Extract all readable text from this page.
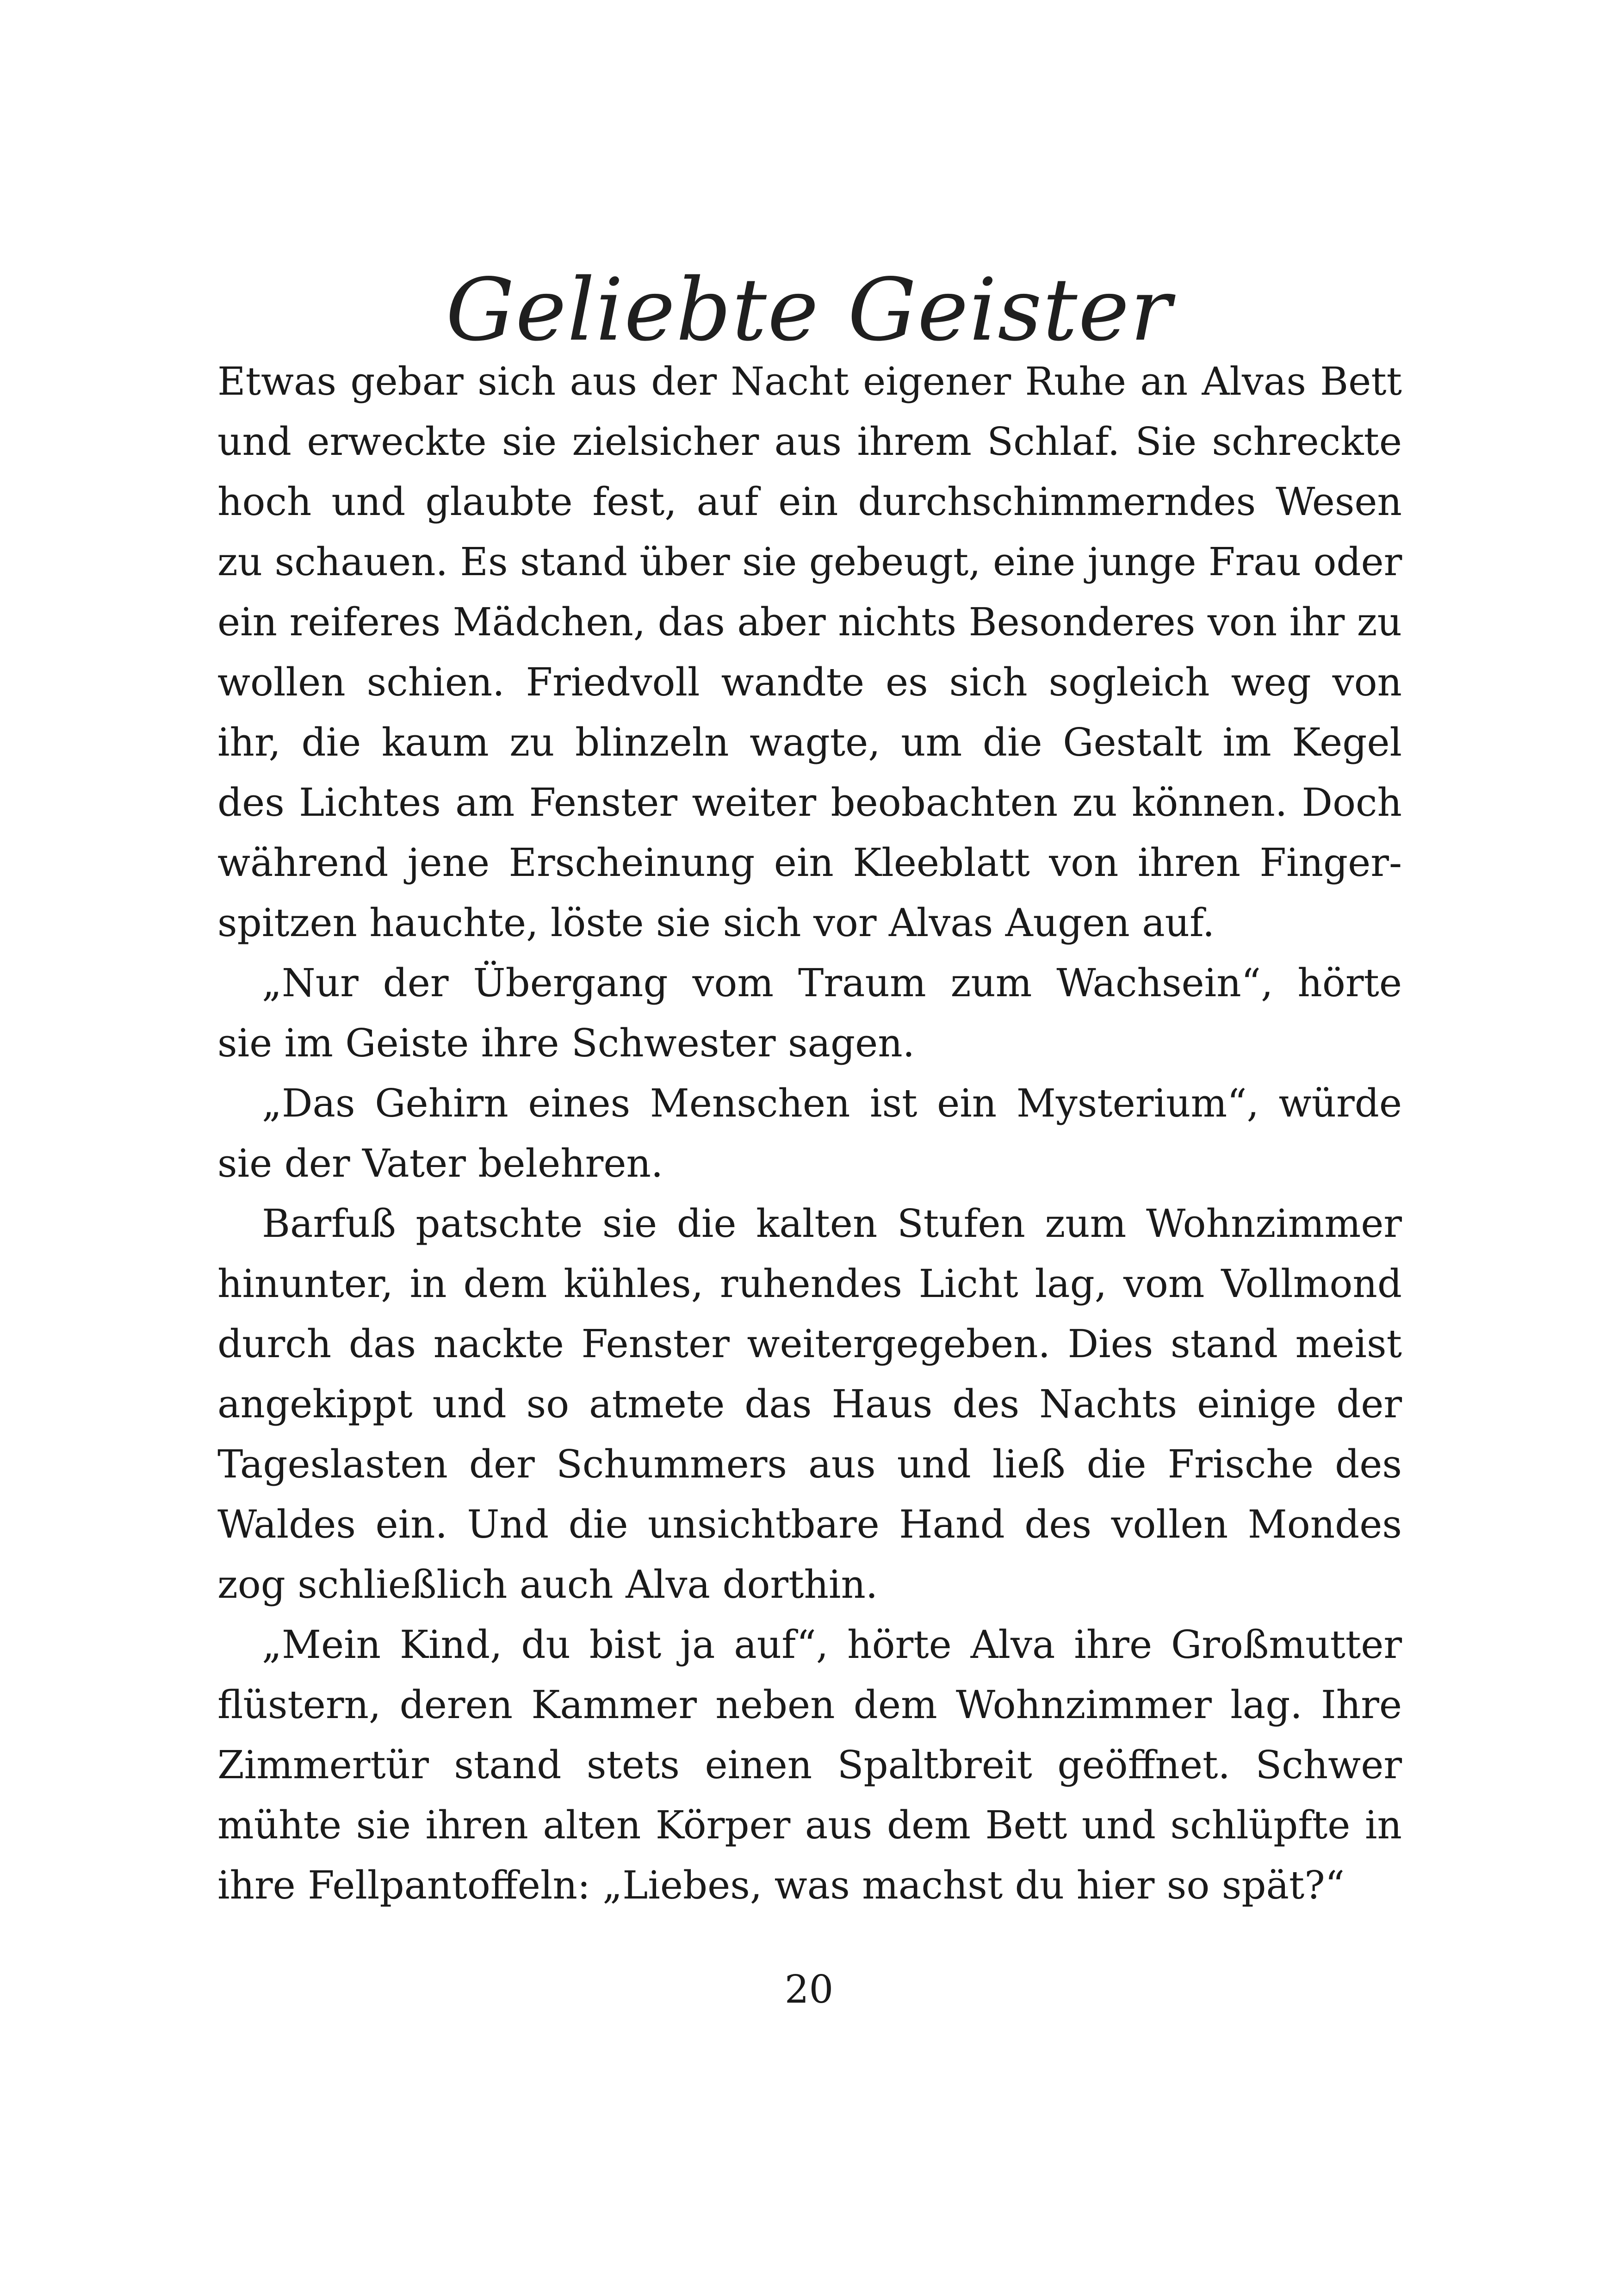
Geliebte Geister
Etwas gebar sich aus der Nacht eigener Ruhe an Alvas Bett
und erweckte sie zielsicher aus ihrem Schlaf. Sie schreckte
hoch und glaubte fest, auf ein durchschimmerndes Wesen
zu schauen. Es stand über sie gebeugt, eine junge Frau oder
ein reiferes Mädchen, das aber nichts Besonderes von ihr zu
wollen schien. Friedvoll wandte es sich sogleich weg von
ihr, die kaum zu blinzeln wagte, um die Gestalt im Kegel
des Lichtes am Fenster weiter beobachten zu können. Doch
während jene Erscheinung ein Kleeblatt von ihren Finger-
spitzen hauchte, löste sie sich vor Alvas Augen auf.
„Nur der Übergang vom Traum zum Wachsein“, hörte
sie im Geiste ihre Schwester sagen.
„Das Gehirn eines Menschen ist ein Mysterium“, würde
sie der Vater belehren.
Barfuß patschte sie die kalten Stufen zum Wohnzimmer
hinunter, in dem kühles, ruhendes Licht lag, vom Vollmond
durch das nackte Fenster weitergegeben. Dies stand meist
angekippt und so atmete das Haus des Nachts einige der
Tageslasten der Schummers aus und ließ die Frische des
Waldes ein. Und die unsichtbare Hand des vollen Mondes
zog schließlich auch Alva dorthin.
„Mein Kind, du bist ja auf“, hörte Alva ihre Großmutter
flüstern, deren Kammer neben dem Wohnzimmer lag. Ihre
Zimmertür stand stets einen Spaltbreit geöffnet. Schwer
mühte sie ihren alten Körper aus dem Bett und schlüpfte in
ihre Fellpantoffeln: „Liebes, was machst du hier so spät?“
20
